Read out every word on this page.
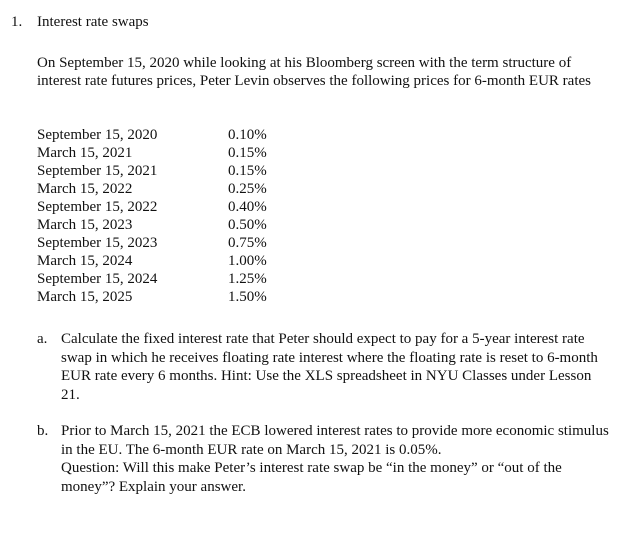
1. Interest rate swaps
On September 15, 2020 while looking at his Bloomberg screen with the term structure of interest rate futures prices, Peter Levin observes the following prices for 6-month EUR rates
September 15, 2020	0.10%
March 15, 2021	0.15%
September 15, 2021	0.15%
March 15, 2022	0.25%
September 15, 2022	0.40%
March 15, 2023	0.50%
September 15, 2023	0.75%
March 15, 2024	1.00%
September 15, 2024	1.25%
March 15, 2025	1.50%
a. Calculate the fixed interest rate that Peter should expect to pay for a 5-year interest rate swap in which he receives floating rate interest where the floating rate is reset to 6-month EUR rate every 6 months. Hint: Use the XLS spreadsheet in NYU Classes under Lesson 21.
b. Prior to March 15, 2021 the ECB lowered interest rates to provide more economic stimulus in the EU. The 6-month EUR rate on March 15, 2021 is 0.05%.
Question: Will this make Peter’s interest rate swap be “in the money” or “out of the money”? Explain your answer.
